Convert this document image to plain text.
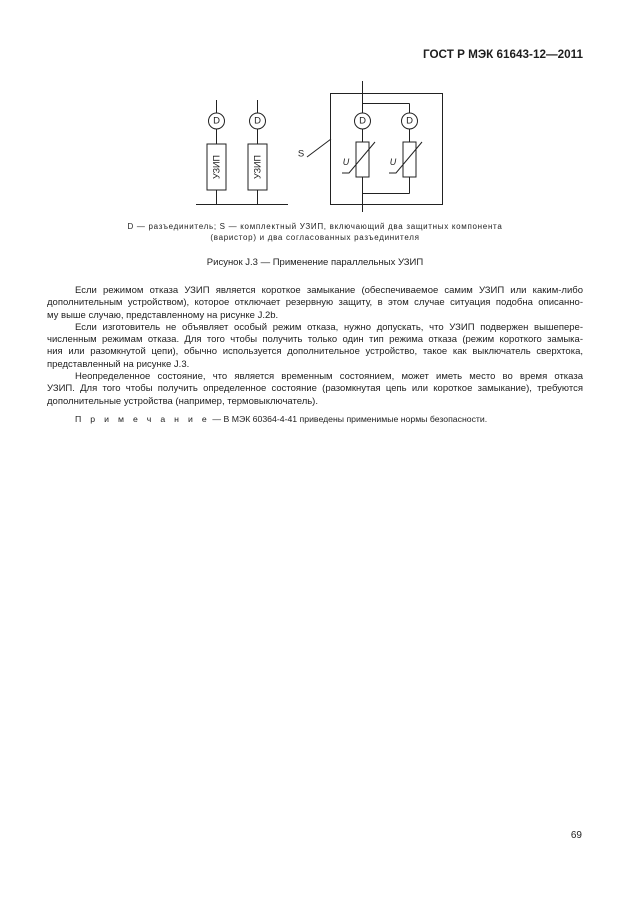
ГОСТ Р МЭК 61643-12—2011
D	D
УЗИП	УЗИП
S
D	D
U	U
D — разъединитель; S — комплектный УЗИП, включающий два защитных компонента
(варистор) и два согласованных разъединителя
Рисунок J.3 — Применение параллельных УЗИП
Если режимом отказа УЗИП является короткое замыкание (обеспечиваемое самим УЗИП или каким-либо
дополнительным устройством), которое отключает резервную защиту, в этом случае ситуация подобна описанно-
му выше случаю, представленному на рисунке J.2b.
Если изготовитель не объявляет особый режим отказа, нужно допускать, что УЗИП подвержен вышепере-
численным режимам отказа. Для того чтобы получить только один тип режима отказа (режим короткого замыка-
ния или разомкнутой цепи), обычно используется дополнительное устройство, такое как выключатель сверхтока,
представленный на рисунке J.3.
Неопределенное состояние, что является временным состоянием, может иметь место во время отказа
УЗИП. Для того чтобы получить определенное состояние (разомкнутая цепь или короткое замыкание), требуются
дополнительные устройства (например, термовыключатель).
П р и м е ч а н и е — В МЭК 60364-4-41 приведены применимые нормы безопасности.
69
